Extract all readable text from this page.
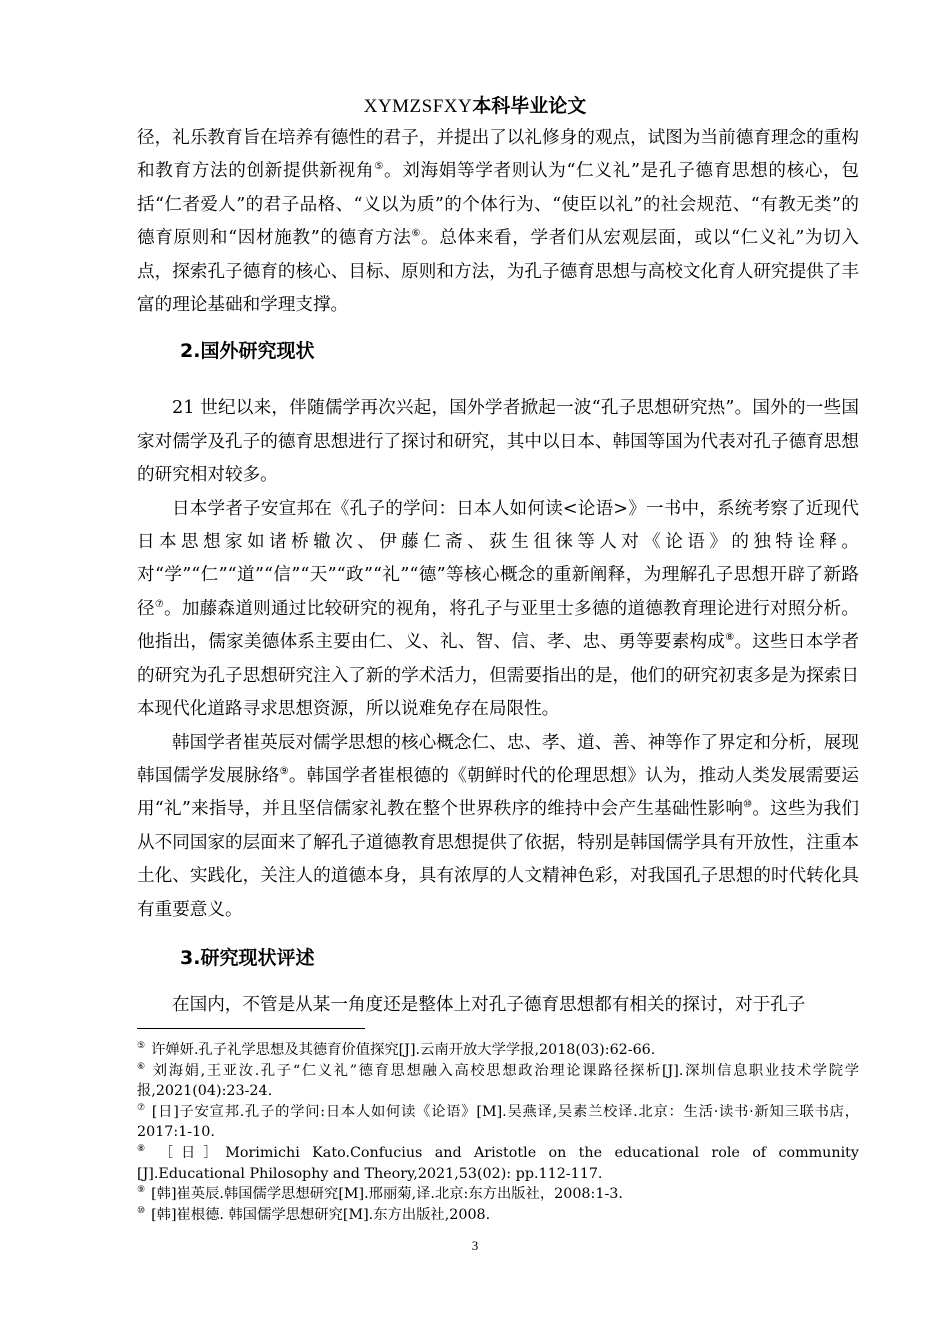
XYMZSFXY本科毕业论文

径，礼乐教育旨在培养有德性的君子，并提出了以礼修身的观点，试图为当前德育理念的重构和教育方法的创新提供新视角⑤。刘海娟等学者则认为“仁义礼”是孔子德育思想的核心，包括“仁者爱人”的君子品格、“义以为质”的个体行为、“使臣以礼”的社会规范、“有教无类”的德育原则和“因材施教”的德育方法⑥。总体来看，学者们从宏观层面，或以“仁义礼”为切入点，探索孔子德育的核心、目标、原则和方法，为孔子德育思想与高校文化育人研究提供了丰富的理论基础和学理支撑。

2.国外研究现状

21 世纪以来，伴随儒学再次兴起，国外学者掀起一波“孔子思想研究热”。国外的一些国家对儒学及孔子的德育思想进行了探讨和研究，其中以日本、韩国等国为代表对孔子德育思想的研究相对较多。

日本学者子安宣邦在《孔子的学问：日本人如何读<论语>》一书中，系统考察了近现代日本思想家如诸桥辙次、伊藤仁斋、荻生徂徕等人对《论语》的独特诠释。对“学”“仁”“道”“信”“天”“政”“礼”“德”等核心概念的重新阐释，为理解孔子思想开辟了新路径⑦。加藤森道则通过比较研究的视角，将孔子与亚里士多德的道德教育理论进行对照分析。他指出，儒家美德体系主要由仁、义、礼、智、信、孝、忠、勇等要素构成⑧。这些日本学者的研究为孔子思想研究注入了新的学术活力，但需要指出的是，他们的研究初衷多是为探索日本现代化道路寻求思想资源，所以说难免存在局限性。

韩国学者崔英辰对儒学思想的核心概念仁、忠、孝、道、善、神等作了界定和分析，展现韩国儒学发展脉络⑨。韩国学者崔根德的《朝鲜时代的伦理思想》认为，推动人类发展需要运用“礼”来指导，并且坚信儒家礼教在整个世界秩序的维持中会产生基础性影响⑩。这些为我们从不同国家的层面来了解孔子道德教育思想提供了依据，特别是韩国儒学具有开放性，注重本土化、实践化，关注人的道德本身，具有浓厚的人文精神色彩，对我国孔子思想的时代转化具有重要意义。

3.研究现状评述

在国内，不管是从某一角度还是整体上对孔子德育思想都有相关的探讨，对于孔子

⑤ 许婵妍.孔子礼学思想及其德育价值探究[J].云南开放大学学报,2018(03):62-66.

⑥ 刘海娟,王亚汝.孔子“仁义礼”德育思想融入高校思想政治理论课路径探析[J].深圳信息职业技术学院学报,2021(04):23-24.

⑦ [日]子安宣邦.孔子的学问:日本人如何读《论语》[M].吴燕译,吴素兰校译.北京：生活·读书·新知三联书店，2017:1-10.

⑧ ［日］Morimichi Kato.Confucius and Aristotle on the educational role of community [J].Educational Philosophy and Theory,2021,53(02): pp.112-117.

⑨ [韩]崔英辰.韩国儒学思想研究[M].邢丽菊,译.北京:东方出版社，2008:1-3.

⑩ [韩]崔根德. 韩国儒学思想研究[M].东方出版社,2008.

3
